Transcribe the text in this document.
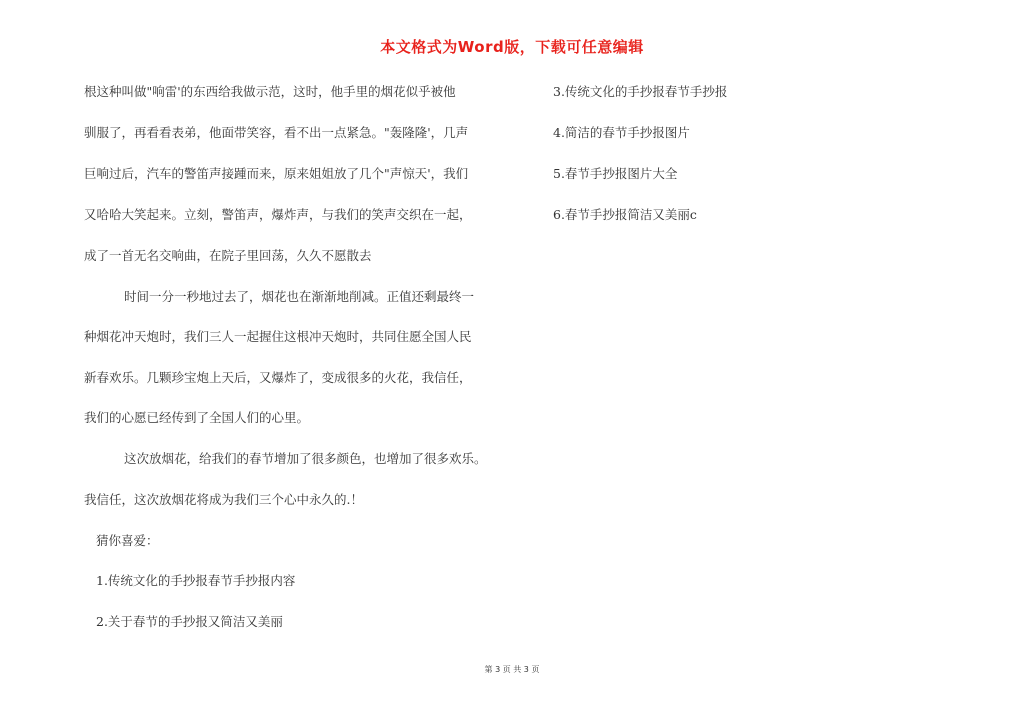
本文格式为Word版，下载可任意编辑
根这种叫做"响雷'的东西给我做示范，这时，他手里的烟花似乎被他
驯服了，再看看表弟，他面带笑容，看不出一点紧急。"轰隆隆'，几声
巨响过后，汽车的警笛声接踵而来，原来姐姐放了几个"声惊天'，我们
又哈哈大笑起来。立刻，警笛声，爆炸声，与我们的笑声交织在一起，
成了一首无名交响曲，在院子里回荡，久久不愿散去
时间一分一秒地过去了，烟花也在渐渐地削减。正值还剩最终一
种烟花冲天炮时，我们三人一起握住这根冲天炮时，共同住愿全国人民
新春欢乐。几颗珍宝炮上天后，又爆炸了，变成很多的火花，我信任，
我们的心愿已经传到了全国人们的心里。
这次放烟花，给我们的春节增加了很多颜色，也增加了很多欢乐。
我信任，这次放烟花将成为我们三个心中永久的.！
猜你喜爱：
1.传统文化的手抄报春节手抄报内容
2.关于春节的手抄报又简洁又美丽
3.传统文化的手抄报春节手抄报
4.简洁的春节手抄报图片
5.春节手抄报图片大全
6.春节手抄报简洁又美丽c
第 3 页 共 3 页
